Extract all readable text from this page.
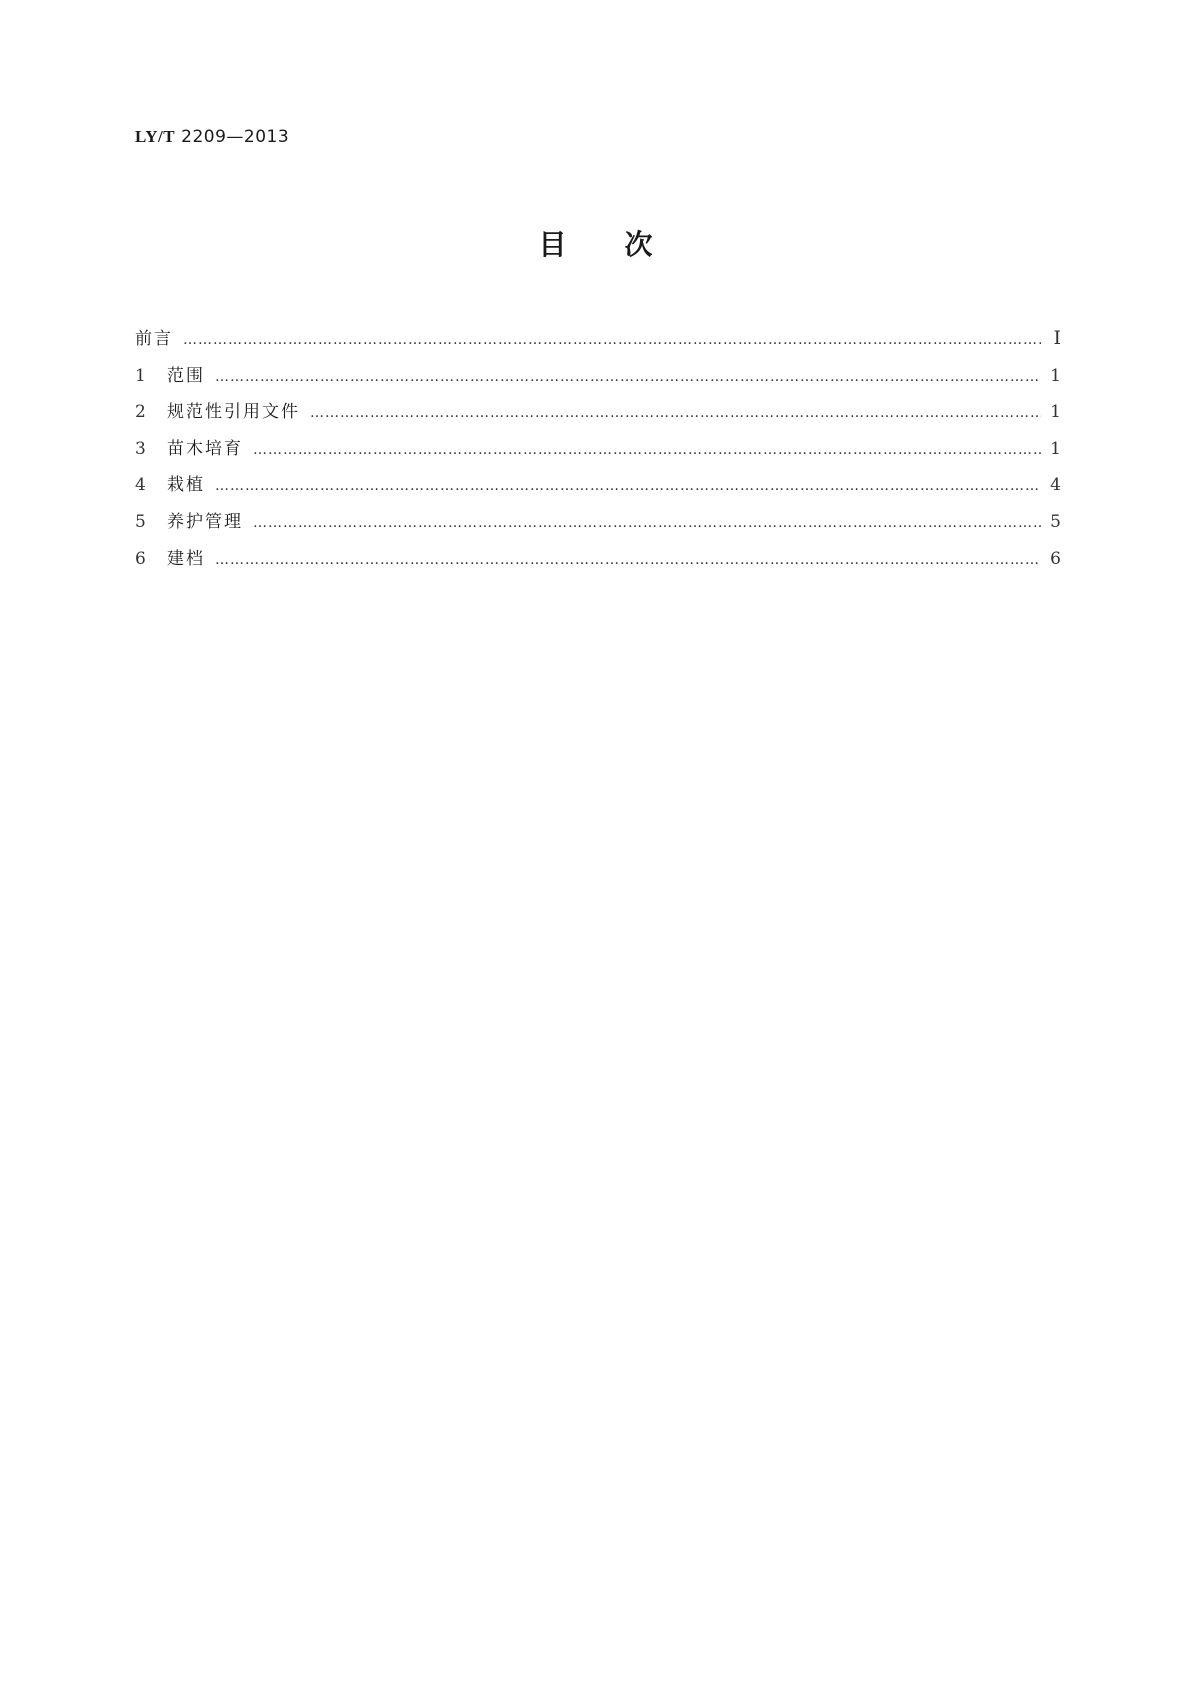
LY/T 2209—2013
目 次
前言 ……………………………………………………………………………………………………………………………………………………………………………………………………………………………………………………………	Ⅰ
1	范围 ……………………………………………………………………………………………………………………………………………………………………………………………………………………………………………………………	1
2	规范性引用文件 ……………………………………………………………………………………………………………………………………………………………………………………………………………………………………………………………	1
3	苗木培育 ……………………………………………………………………………………………………………………………………………………………………………………………………………………………………………………………	1
4	栽植 ……………………………………………………………………………………………………………………………………………………………………………………………………………………………………………………………	4
5	养护管理 ……………………………………………………………………………………………………………………………………………………………………………………………………………………………………………………………	5
6	建档 ……………………………………………………………………………………………………………………………………………………………………………………………………………………………………………………………	6
